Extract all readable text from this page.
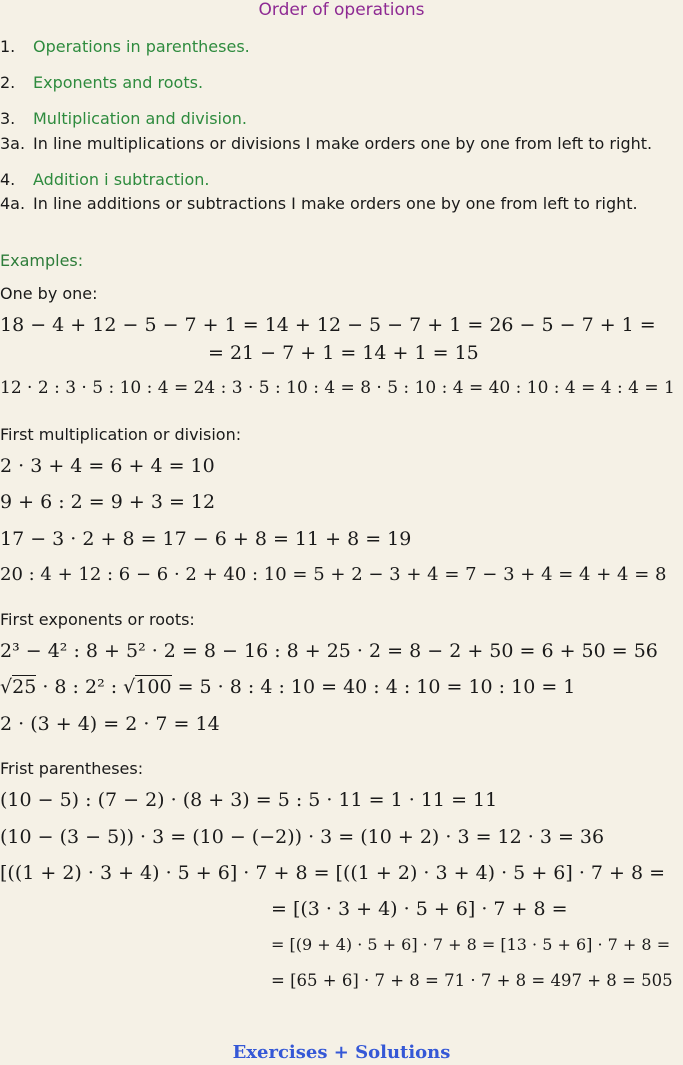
Order of operations
1. Operations in parentheses.
2. Exponents and roots.
3. Multiplication and division.
3a. In line multiplications or divisions I make orders one by one from left to right.
4. Addition i subtraction.
4a. In line additions or subtractions I make orders one by one from left to right.
Examples:
One by one:
18 − 4 + 12 − 5 − 7 + 1 = 14 + 12 − 5 − 7 + 1 = 26 − 5 − 7 + 1 =
= 21 − 7 + 1 = 14 + 1 = 15
12 · 2 : 3 · 5 : 10 : 4 = 24 : 3 · 5 : 10 : 4 = 8 · 5 : 10 : 4 = 40 : 10 : 4 = 4 : 4 = 1
First multiplication or division:
2 · 3 + 4 = 6 + 4 = 10
9 + 6 : 2 = 9 + 3 = 12
17 − 3 · 2 + 8 = 17 − 6 + 8 = 11 + 8 = 19
20 : 4 + 12 : 6 − 6 · 2 + 40 : 10 = 5 + 2 − 3 + 4 = 7 − 3 + 4 = 4 + 4 = 8
First exponents or roots:
2³ − 4² : 8 + 5² · 2 = 8 − 16 : 8 + 25 · 2 = 8 − 2 + 50 = 6 + 50 = 56
√25 · 8 : 2² : √100 = 5 · 8 : 4 : 10 = 40 : 4 : 10 = 10 : 10 = 1
2 · (3 + 4) = 2 · 7 = 14
Frist parentheses:
(10 − 5) : (7 − 2) · (8 + 3) = 5 : 5 · 11 = 1 · 11 = 11
(10 − (3 − 5)) · 3 = (10 − (−2)) · 3 = (10 + 2) · 3 = 12 · 3 = 36
[((1 + 2) · 3 + 4) · 5 + 6] · 7 + 8 = [((1 + 2) · 3 + 4) · 5 + 6] · 7 + 8 =
= [(3 · 3 + 4) · 5 + 6] · 7 + 8 =
= [(9 + 4) · 5 + 6] · 7 + 8 = [13 · 5 + 6] · 7 + 8 =
= [65 + 6] · 7 + 8 = 71 · 7 + 8 = 497 + 8 = 505
Exercises + Solutions
